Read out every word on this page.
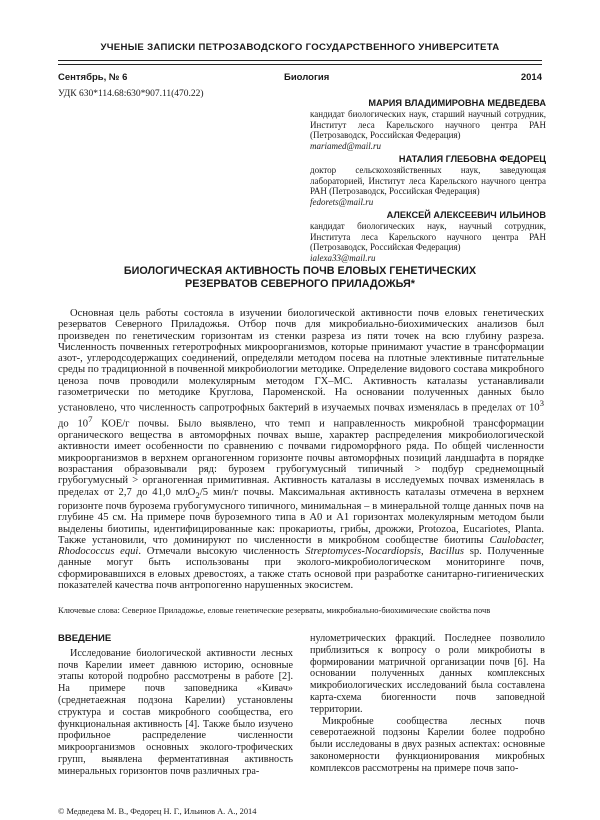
УЧЕНЫЕ ЗАПИСКИ ПЕТРОЗАВОДСКОГО ГОСУДАРСТВЕННОГО УНИВЕРСИТЕТА
Сентябрь, № 6	Биология	2014
УДК 630*114.68:630*907.11(470.22)
МАРИЯ ВЛАДИМИРОВНА МЕДВЕДЕВА
кандидат биологических наук, старший научный сотрудник, Институт леса Карельского научного центра РАН (Петрозаводск, Российская Федерация)
mariamed@mail.ru
НАТАЛИЯ ГЛЕБОВНА ФЕДОРЕЦ
доктор сельскохозяйственных наук, заведующая лабораторией, Институт леса Карельского научного центра РАН (Петрозаводск, Российская Федерация)
fedorets@mail.ru
АЛЕКСЕЙ АЛЕКСЕЕВИЧ ИЛЬИНОВ
кандидат биологических наук, научный сотрудник, Института леса Карельского научного центра РАН (Петрозаводск, Российская Федерация)
ialexa33@mail.ru
БИОЛОГИЧЕСКАЯ АКТИВНОСТЬ ПОЧВ ЕЛОВЫХ ГЕНЕТИЧЕСКИХ
РЕЗЕРВАТОВ СЕВЕРНОГО ПРИЛАДОЖЬЯ*
Основная цель работы состояла в изучении биологической активности почв еловых генетических резерватов Северного Приладожья. Отбор почв для микробиально-биохимических анализов был произведен по генетическим горизонтам из стенки разреза из пяти точек на всю глубину разреза. Численность почвенных гетеротрофных микроорганизмов, которые принимают участие в трансформации азот-, углеродсодержащих соединений, определяли методом посева на плотные элективные питательные среды по традиционной в почвенной микробиологии методике. Определение видового состава микробного ценоза почв проводили молекулярным методом ГХ–МС. Активность каталазы устанавливали газометрически по методике Круглова, Пароменской. На основании полученных данных было установлено, что численность сапротрофных бактерий в изучаемых почвах изменялась в пределах от $10^3$ до $10^7$ КОЕ/г почвы. Было выявлено, что темп и направленность микробной трансформации органического вещества в автоморфных почвах выше, характер распределения микробиологической активности имеет особенности по сравнению с почвами гидроморфного ряда. По общей численности микроорганизмов в верхнем органогенном горизонте почвы автоморфных позиций ландшафта в порядке возрастания образовывали ряд: бурозем грубогумусный типичный > подбур среднемощный грубогумусный > органогенная примитивная. Активность каталазы в исследуемых почвах изменялась в пределах от 2,7 до 41,0 млО$_2$/5 мин/г почвы. Максимальная активность каталазы отмечена в верхнем горизонте почв бурозема грубогумусного типичного, минимальная – в минеральной толще данных почв на глубине 45 см. На примере почв буроземного типа в А0 и А1 горизонтах молекулярным методом были выделены биотипы, идентифицированные как: прокариоты, грибы, дрожжи, Protozoa, Eucariotes, Planta. Также установили, что доминируют по численности в микробном сообществе биотипы Caulobacter, Rhodococcus equi. Отмечали высокую численность Streptomyces-Nocardiopsis, Bacillus sp. Полученные данные могут быть использованы при эколого-микробиологическом мониторинге почв, сформировавшихся в еловых древостоях, а также стать основой при разработке санитарно-гигиенических показателей качества почв антропогенно нарушенных экосистем.
Ключевые слова: Северное Приладожье, еловые генетические резерваты, микробиально-биохимические свойства почв
ВВЕДЕНИЕ

Исследование биологической активности лесных почв Карелии имеет давнюю историю, основные этапы которой подробно рассмотрены в работе [2]. На примере почв заповедника «Кивач» (среднетаежная подзона Карелии) установлены структура и состав микробного сообщества, его функциональная активность [4]. Также было изучено профильное распределение численности микроорганизмов основных эколого-трофических групп, выявлена ферментативная активность минеральных горизонтов почв различных гра-

нулометрических фракций. Последнее позволило приблизиться к вопросу о роли микробиоты в формировании матричной организации почв [6]. На основании полученных данных комплексных микробиологических исследований была составлена карта-схема биогенности почв заповедной территории.

Микробные сообщества лесных почв северотаежной подзоны Карелии более подробно были исследованы в двух разных аспектах: основные закономерности функционирования микробных комплексов рассмотрены на примере почв запо-

© Медведева М. В., Федорец Н. Г., Ильинов А. А., 2014
